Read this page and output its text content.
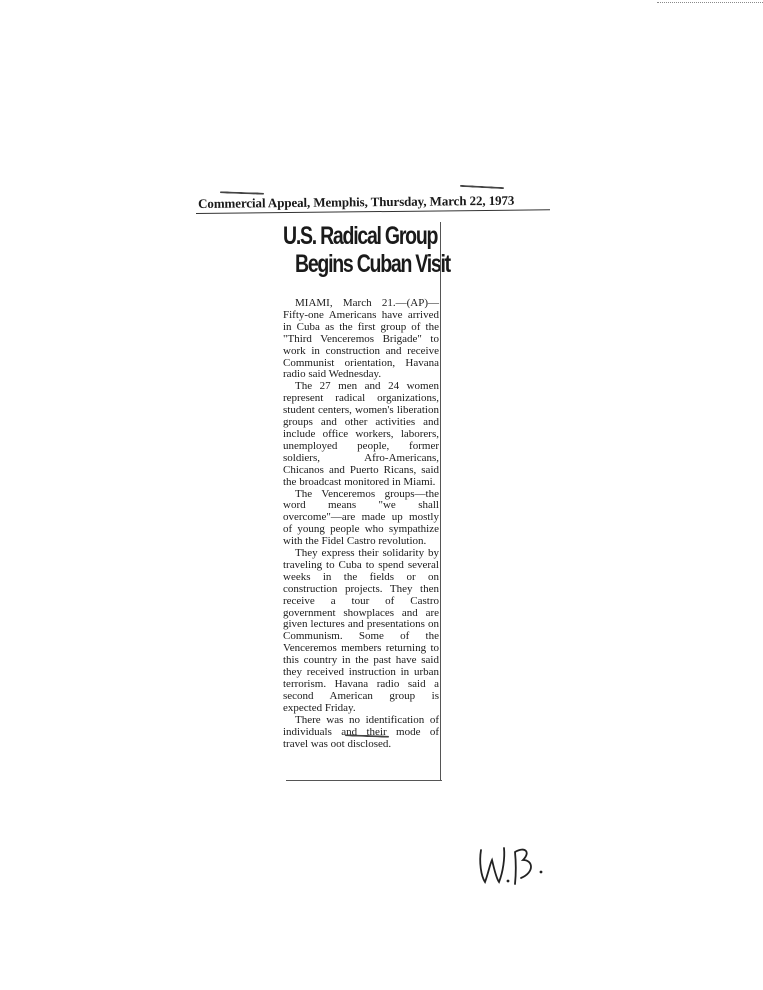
Commercial Appeal, Memphis, Thursday, March 22, 1973
U.S. Radical Group
Begins Cuban Visit

MIAMI, March 21.—(AP)—Fifty-one Americans have arrived in Cuba as the first group of the "Third Venceremos Brigade" to work in construction and receive Communist orientation, Havana radio said Wednesday.

The 27 men and 24 women represent radical organizations, student centers, women's liberation groups and other activities and include office workers, laborers, unemployed people, former soldiers, Afro-Americans, Chicanos and Puerto Ricans, said the broadcast monitored in Miami.

The Venceremos groups—the word means "we shall overcome"—are made up mostly of young people who sympathize with the Fidel Castro revolution.

They express their solidarity by traveling to Cuba to spend several weeks in the fields or on construction projects. They then receive a tour of Castro government showplaces and are given lectures and presentations on Communism. Some of the Venceremos members returning to this country in the past have said they received instruction in urban terrorism. Havana radio said a second American group is expected Friday.

There was no identification of individuals and their mode of travel was oot disclosed.
